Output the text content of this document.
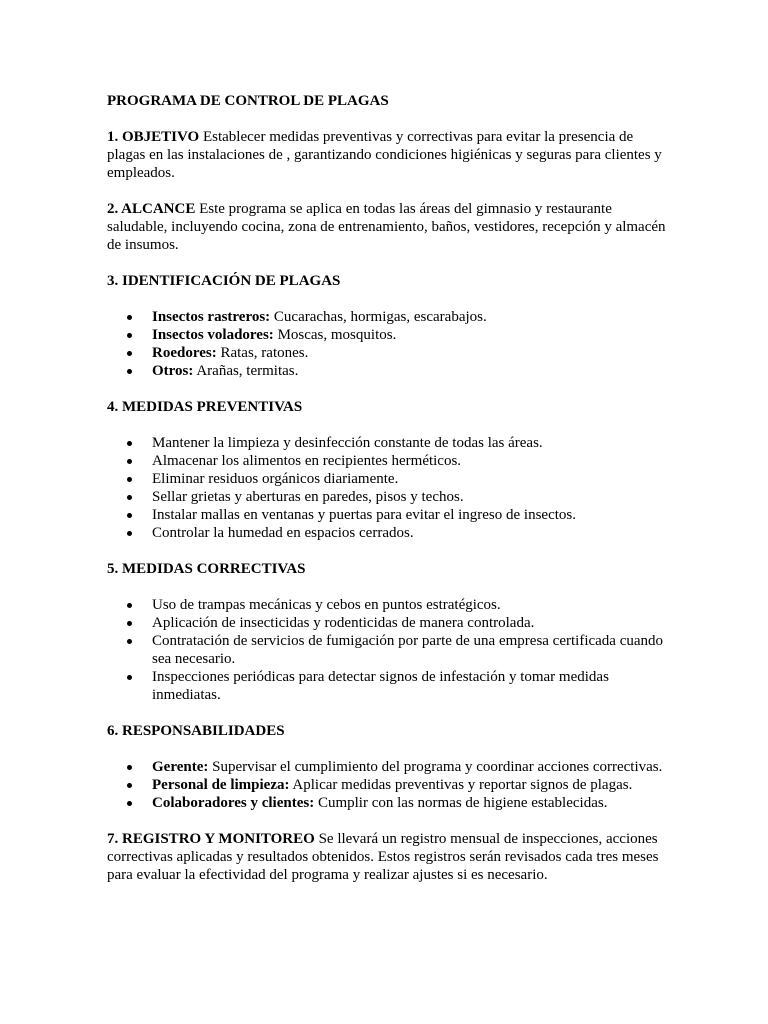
PROGRAMA DE CONTROL DE PLAGAS

1. OBJETIVO Establecer medidas preventivas y correctivas para evitar la presencia de plagas en las instalaciones de , garantizando condiciones higiénicas y seguras para clientes y empleados.

2. ALCANCE Este programa se aplica en todas las áreas del gimnasio y restaurante saludable, incluyendo cocina, zona de entrenamiento, baños, vestidores, recepción y almacén de insumos.

3. IDENTIFICACIÓN DE PLAGAS

Insectos rastreros: Cucarachas, hormigas, escarabajos.
Insectos voladores: Moscas, mosquitos.
Roedores: Ratas, ratones.
Otros: Arañas, termitas.

4. MEDIDAS PREVENTIVAS

Mantener la limpieza y desinfección constante de todas las áreas.
Almacenar los alimentos en recipientes herméticos.
Eliminar residuos orgánicos diariamente.
Sellar grietas y aberturas en paredes, pisos y techos.
Instalar mallas en ventanas y puertas para evitar el ingreso de insectos.
Controlar la humedad en espacios cerrados.

5. MEDIDAS CORRECTIVAS

Uso de trampas mecánicas y cebos en puntos estratégicos.
Aplicación de insecticidas y rodenticidas de manera controlada.
Contratación de servicios de fumigación por parte de una empresa certificada cuando sea necesario.
Inspecciones periódicas para detectar signos de infestación y tomar medidas inmediatas.

6. RESPONSABILIDADES

Gerente: Supervisar el cumplimiento del programa y coordinar acciones correctivas.
Personal de limpieza: Aplicar medidas preventivas y reportar signos de plagas.
Colaboradores y clientes: Cumplir con las normas de higiene establecidas.

7. REGISTRO Y MONITOREO Se llevará un registro mensual de inspecciones, acciones correctivas aplicadas y resultados obtenidos. Estos registros serán revisados cada tres meses para evaluar la efectividad del programa y realizar ajustes si es necesario.
